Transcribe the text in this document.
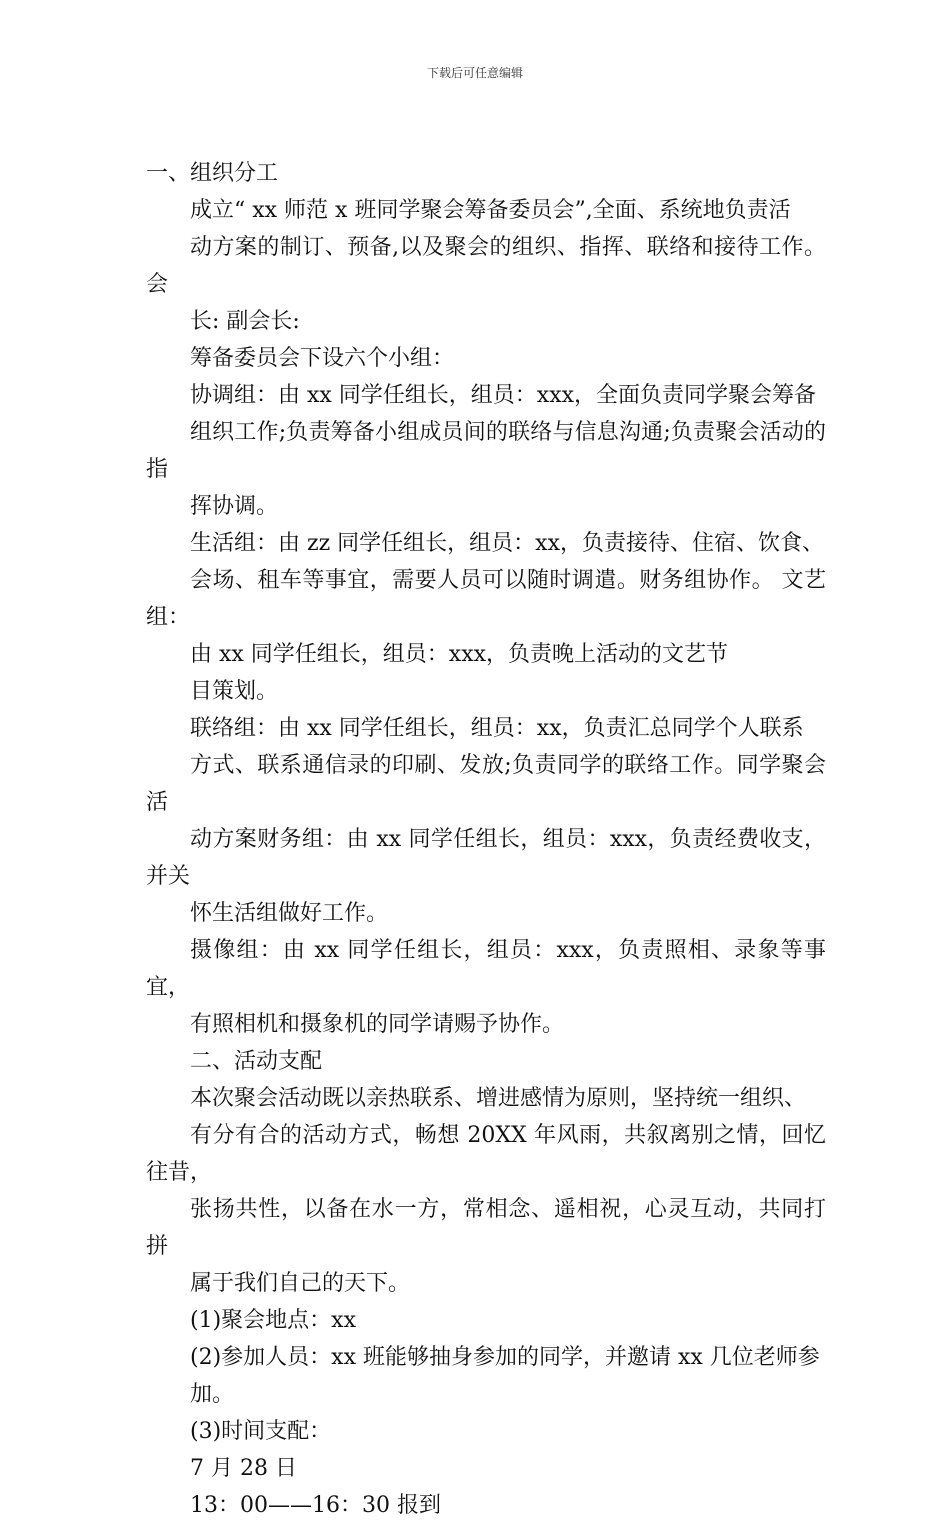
下载后可任意编辑

一、组织分工

成立“ xx 师范 x 班同学聚会筹备委员会”,全面、系统地负责活
动方案的制订、预备,以及聚会的组织、指挥、联络和接待工作。 会
长: 副会长:

筹备委员会下设六个小组：

协调组：由 xx 同学任组长，组员：xxx，全面负责同学聚会筹备
组织工作;负责筹备小组成员间的联络与信息沟通;负责聚会活动的指
挥协调。

生活组：由 zz 同学任组长，组员：xx，负责接待、住宿、饮食、
会场、租车等事宜，需要人员可以随时调遣。财务组协作。 文艺组：
由 xx 同学任组长，组员：xxx，负责晚上活动的文艺节

目策划。

联络组：由 xx 同学任组长，组员：xx，负责汇总同学个人联系
方式、联系通信录的印刷、发放;负责同学的联络工作。同学聚会活
动方案财务组：由 xx 同学任组长，组员：xxx，负责经费收支，并关
怀生活组做好工作。

摄像组：由 xx 同学任组长，组员：xxx，负责照相、录象等事宜，
有照相机和摄象机的同学请赐予协作。

二、活动支配

本次聚会活动既以亲热联系、增进感情为原则，坚持统一组织、
有分有合的活动方式，畅想 20XX 年风雨，共叙离别之情，回忆往昔，
张扬共性，以备在水一方，常相念、遥相祝，心灵互动，共同打拼
属于我们自己的天下。

(1)聚会地点：xx

(2)参加人员：xx 班能够抽身参加的同学，并邀请 xx 几位老师参
加。

(3)时间支配：

7 月 28 日

13：00——16：30 报到
